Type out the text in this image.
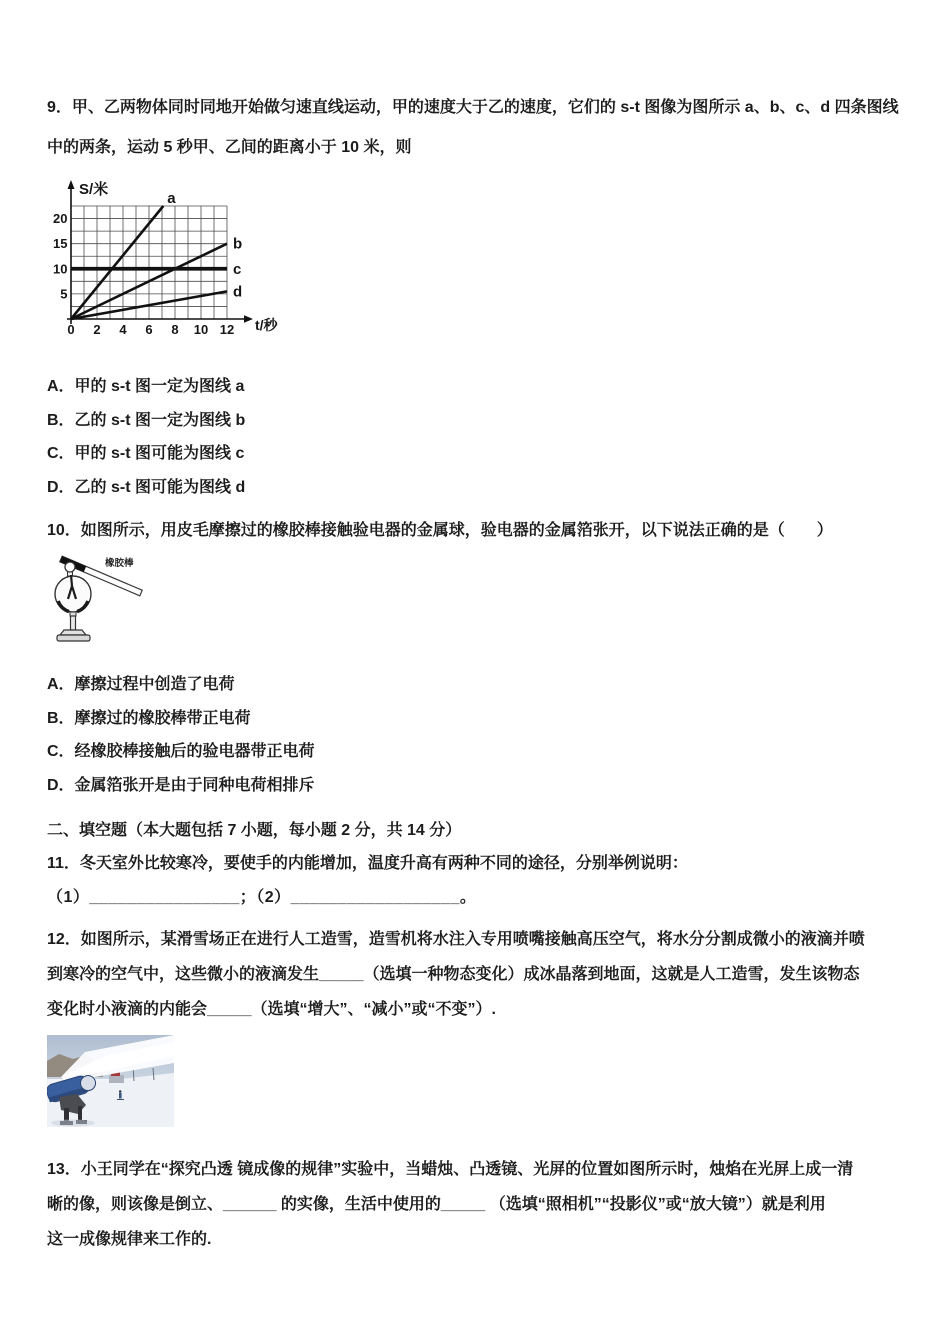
9．甲、乙两物体同时同地开始做匀速直线运动，甲的速度大于乙的速度，它们的 s-t 图像为图所示 a、b、c、d 四条图线
中的两条，运动 5 秒甲、乙间的距离小于 10 米，则
S/米
t/秒
5
10
15
20
0 2 4 6 8 10 12
a
b
c
d
A．甲的 s-t 图一定为图线 a
B．乙的 s-t 图一定为图线 b
C．甲的 s-t 图可能为图线 c
D．乙的 s-t 图可能为图线 d
10．如图所示，用皮毛摩擦过的橡胶棒接触验电器的金属球，验电器的金属箔张开，以下说法正确的是（　　）
橡胶棒
A．摩擦过程中创造了电荷
B．摩擦过的橡胶棒带正电荷
C．经橡胶棒接触后的验电器带正电荷
D．金属箔张开是由于同种电荷相排斥
二、填空题（本大题包括 7 小题，每小题 2 分，共 14 分）
11．冬天室外比较寒冷，要使手的内能增加，温度升高有两种不同的途径，分别举例说明：
（1）________________；（2）__________________。
12．如图所示，某滑雪场正在进行人工造雪，造雪机将水注入专用喷嘴接触高压空气，将水分分割成微小的液滴并喷
到寒冷的空气中，这些微小的液滴发生_____（选填一种物态变化）成冰晶落到地面，这就是人工造雪，发生该物态
变化时小液滴的内能会_____（选填“增大”、“减小”或“不变”）.
13．小王同学在“探究凸透 镜成像的规律”实验中，当蜡烛、凸透镜、光屏的位置如图所示时，烛焰在光屏上成一清
晰的像，则该像是倒立、______ 的实像，生活中使用的_____ （选填“照相机”“投影仪”或“放大镜”）就是利用
这一成像规律来工作的.
